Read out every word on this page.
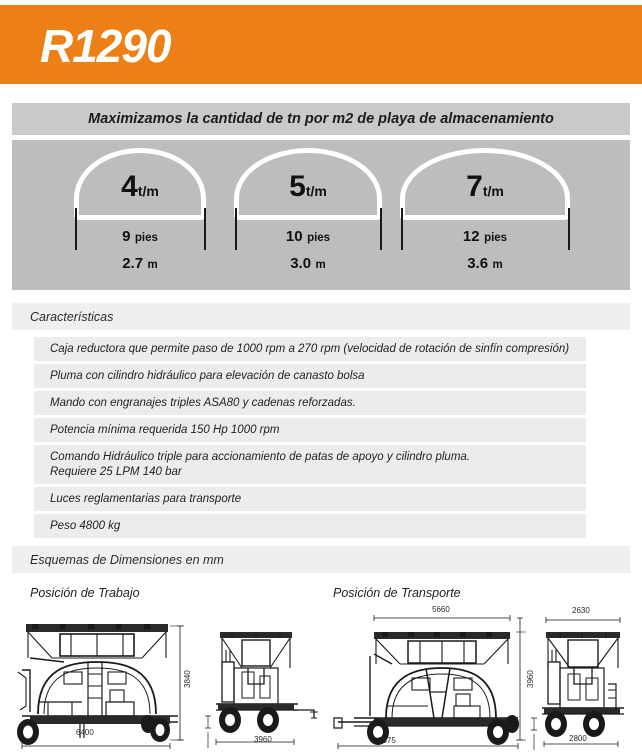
R1290
Maximizamos la cantidad de tn por m2 de playa de almacenamiento
4t/m
9 pies
2.7 m
5t/m
10 pies
3.0 m
7t/m
12 pies
3.6 m
Características
Caja reductora que permite paso de 1000 rpm a 270 rpm (velocidad de rotación de sinfín compresión)
Pluma con cilindro hidráulico para elevación de canasto bolsa
Mando con engranajes triples ASA80 y cadenas reforzadas.
Potencia mínima requerida 150 Hp 1000 rpm
Comando Hidráulico triple para accionamiento de patas de apoyo y cilindro pluma.
Requiere 25 LPM 140 bar
Luces reglamentarias para transporte
Peso 4800 kg
Esquemas de Dimensiones en mm
Posición de Trabajo	Posición de Transporte
6400
3840
3960
5660
7875
2630
2800
3960
